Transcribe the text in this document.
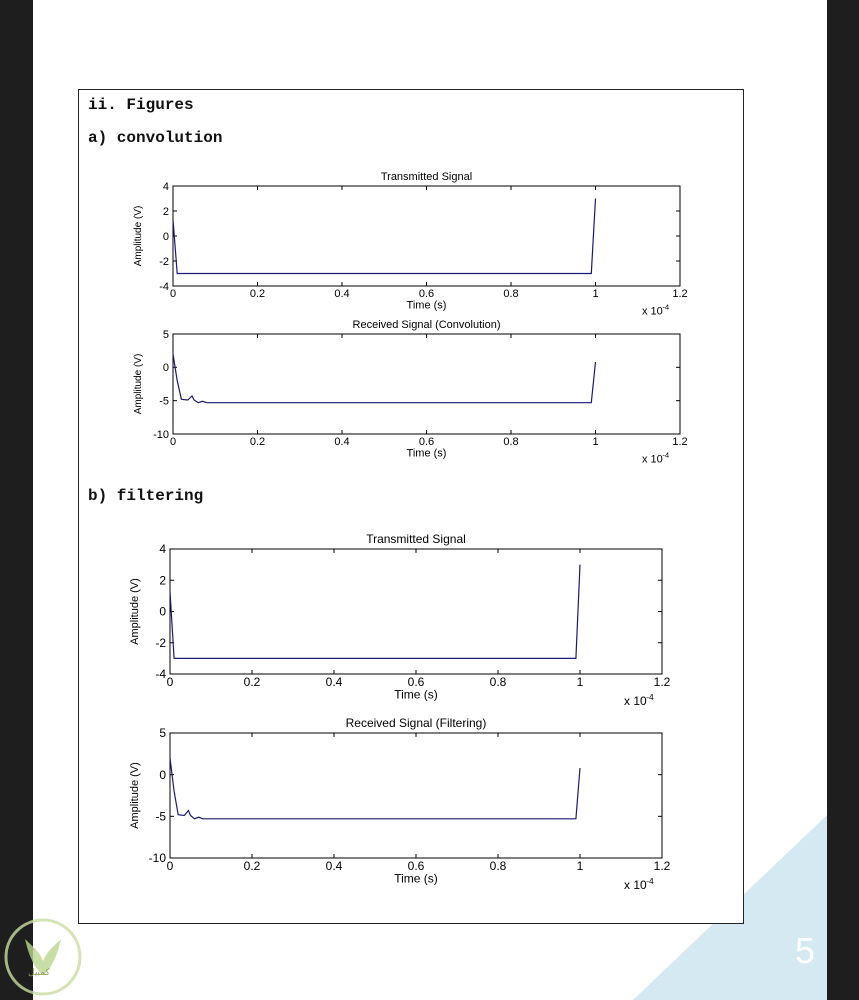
5
ii. Figures
a) convolution
b) filtering
0	0.2	0.4	0.6	0.8	1	1.2
-4
-2
0
2
4
Transmitted Signal
Time (s)
Amplitude (V)
x 10 -4
0	0.2	0.4	0.6	0.8	1	1.2
-10
-5
0
5
Received Signal (Convolution)
Time (s)
Amplitude (V)
x 10 -4
0	0.2	0.4	0.6	0.8	1	1.2
-4
-2
0
2
4
Transmitted Signal
Time (s)
Amplitude (V)
x 10 -4
0	0.2	0.4	0.6	0.8	1	1.2
-10
-5
0
5
Received Signal (Filtering)
Time (s)
Amplitude (V)
x 10 -4
كمبيل
